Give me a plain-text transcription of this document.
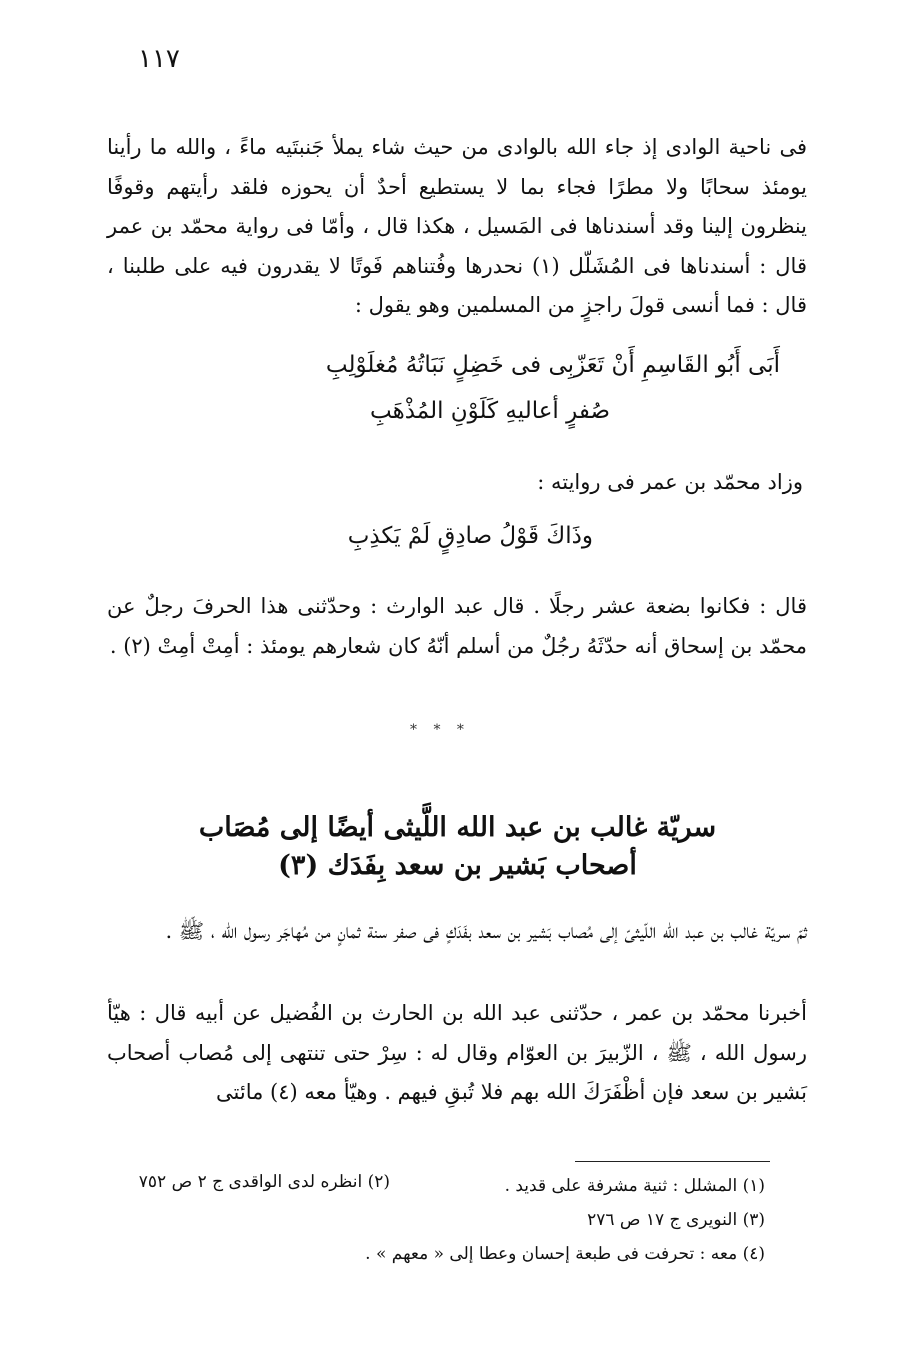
١١٧
فى ناحية الوادى إذ جاء الله بالوادى من حيث شاء يملأ جَنبتَيه ماءً ، والله ما رأينا يومئذ سحابًا ولا مطرًا فجاء بما لا يستطيع أحدٌ أن يحوزه فلقد رأيتهم وقوفًا ينظرون إلينا وقد أسندناها فى المَسيل ، هكذا قال ، وأمّا فى رواية محمّد بن عمر قال : أسندناها فى المُشَلّل (١) نحدرها وفُتناهم فَوتًا لا يقدرون فيه على طلبنا ، قال : فما أنسى قولَ راجزٍ من المسلمين وهو يقول :
أَبَى أَبُو القَاسِمِ أَنْ تَعَزّبِى فى خَضِلٍ نَبَاتُهُ مُغلَوْلِبِ
صُفرٍ أعاليهِ كَلَوْنِ المُذْهَبِ
وزاد محمّد بن عمر فى روايته :
وذَاكَ قَوْلُ صادِقٍ لَمْ يَكذِبِ
قال : فكانوا بضعة عشر رجلًا . قال عبد الوارث : وحدّثنى هذا الحرفَ رجلٌ عن محمّد بن إسحاق أنه حدّثَهُ رجُلٌ من أسلم أنّهُ كان شعارهم يومئذ : أمِتْ أمِتْ (٢) .
* * *
سريّة غالب بن عبد الله اللَّيثى أيضًا إلى مُصَاب
أصحاب بَشير بن سعد بِفَدَك (٣)
ثمّ سريّة غالب بن عبد الله اللّيثىّ إلى مُصاب بَشير بن سعد بفَدَكٍ فى صفر سنة ثمانٍ من مُهاجَر رسول الله ، ﷺ .
أخبرنا محمّد بن عمر ، حدّثنى عبد الله بن الحارث بن الفُضيل عن أبيه قال : هيّأ رسول الله ، ﷺ ، الزّبيرَ بن العوّام وقال له : سِرْ حتى تنتهى إلى مُصاب أصحاب بَشير بن سعد فإن أظْفَرَكَ الله بهم فلا تُبقِ فيهم . وهيّأ معه (٤) مائتى
(١) المشلل : ثنية مشرفة على قديد .
(٢) انظره لدى الواقدى ج ٢ ص ٧٥٢
(٣) النويرى ج ١٧ ص ٢٧٦
(٤) معه : تحرفت فى طبعة إحسان وعطا إلى « معهم » .
